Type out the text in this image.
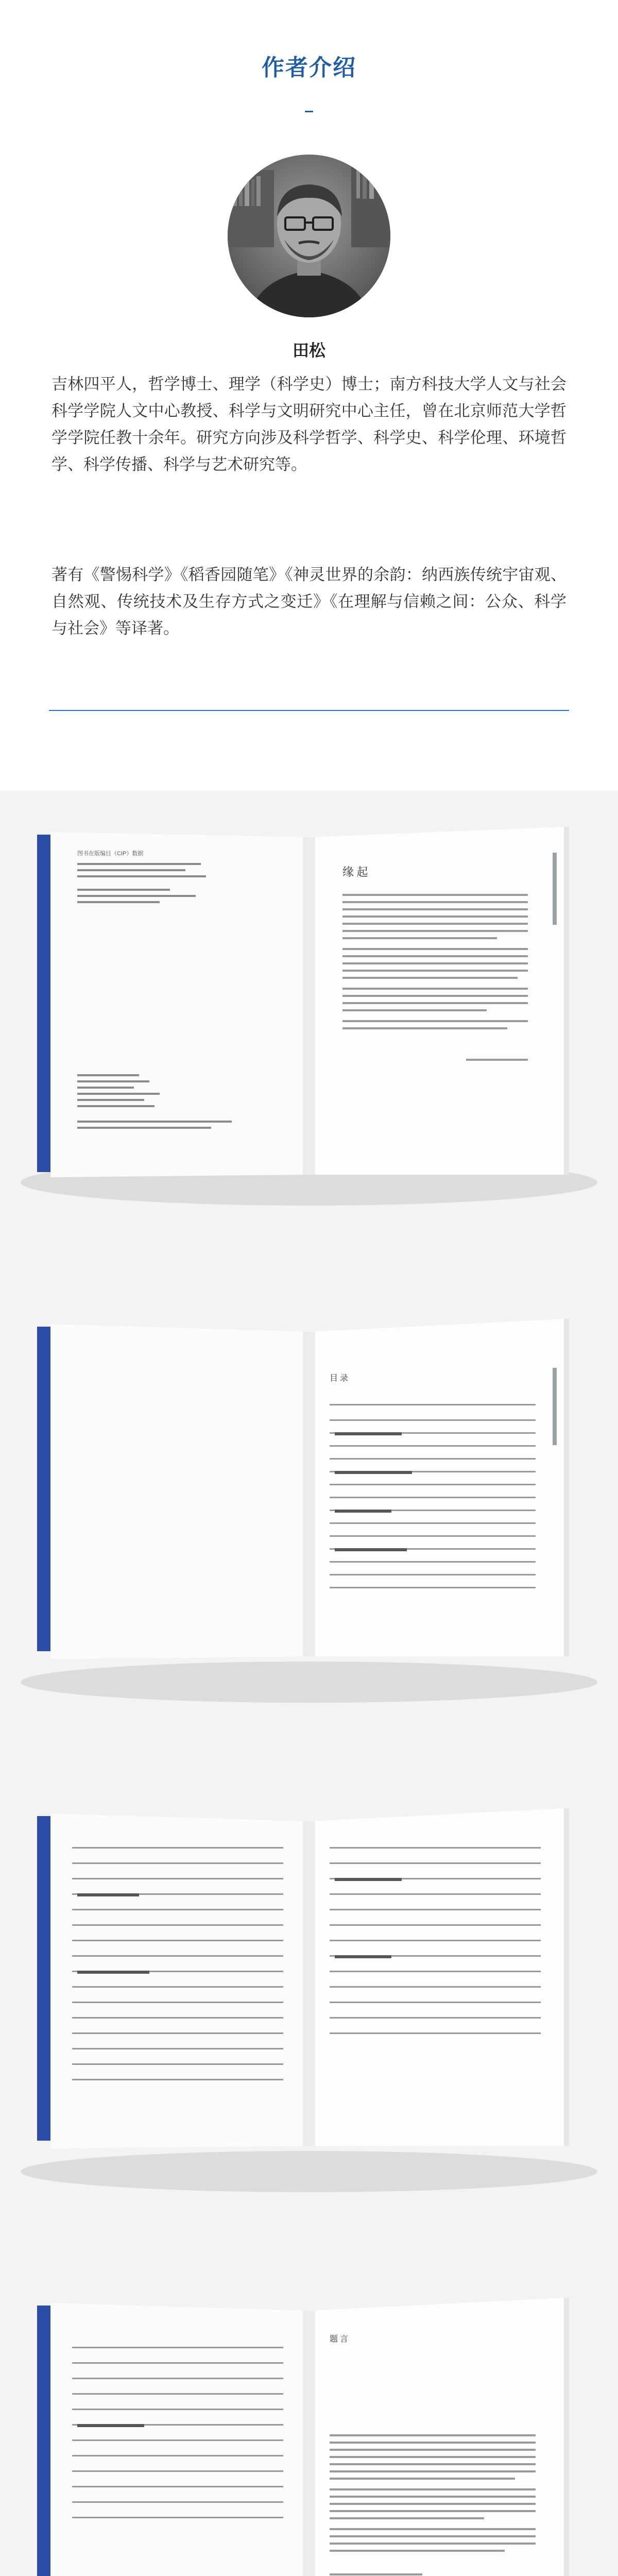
作者介绍
田松
吉林四平人，哲学博士、理学（科学史）博士；南方科技大学人文与社会科学学院人文中心教授、科学与文明研究中心主任，曾在北京师范大学哲学学院任教十余年。研究方向涉及科学哲学、科学史、科学伦理、环境哲学、科学传播、科学与艺术研究等。
著有《警惕科学》《稻香园随笔》《神灵世界的余韵：纳西族传统宇宙观、自然观、传统技术及生存方式之变迁》《在理解与信赖之间：公众、科学与社会》等译著。
图书在版编目（CIP）数据
缘 起
目 录
题 言
